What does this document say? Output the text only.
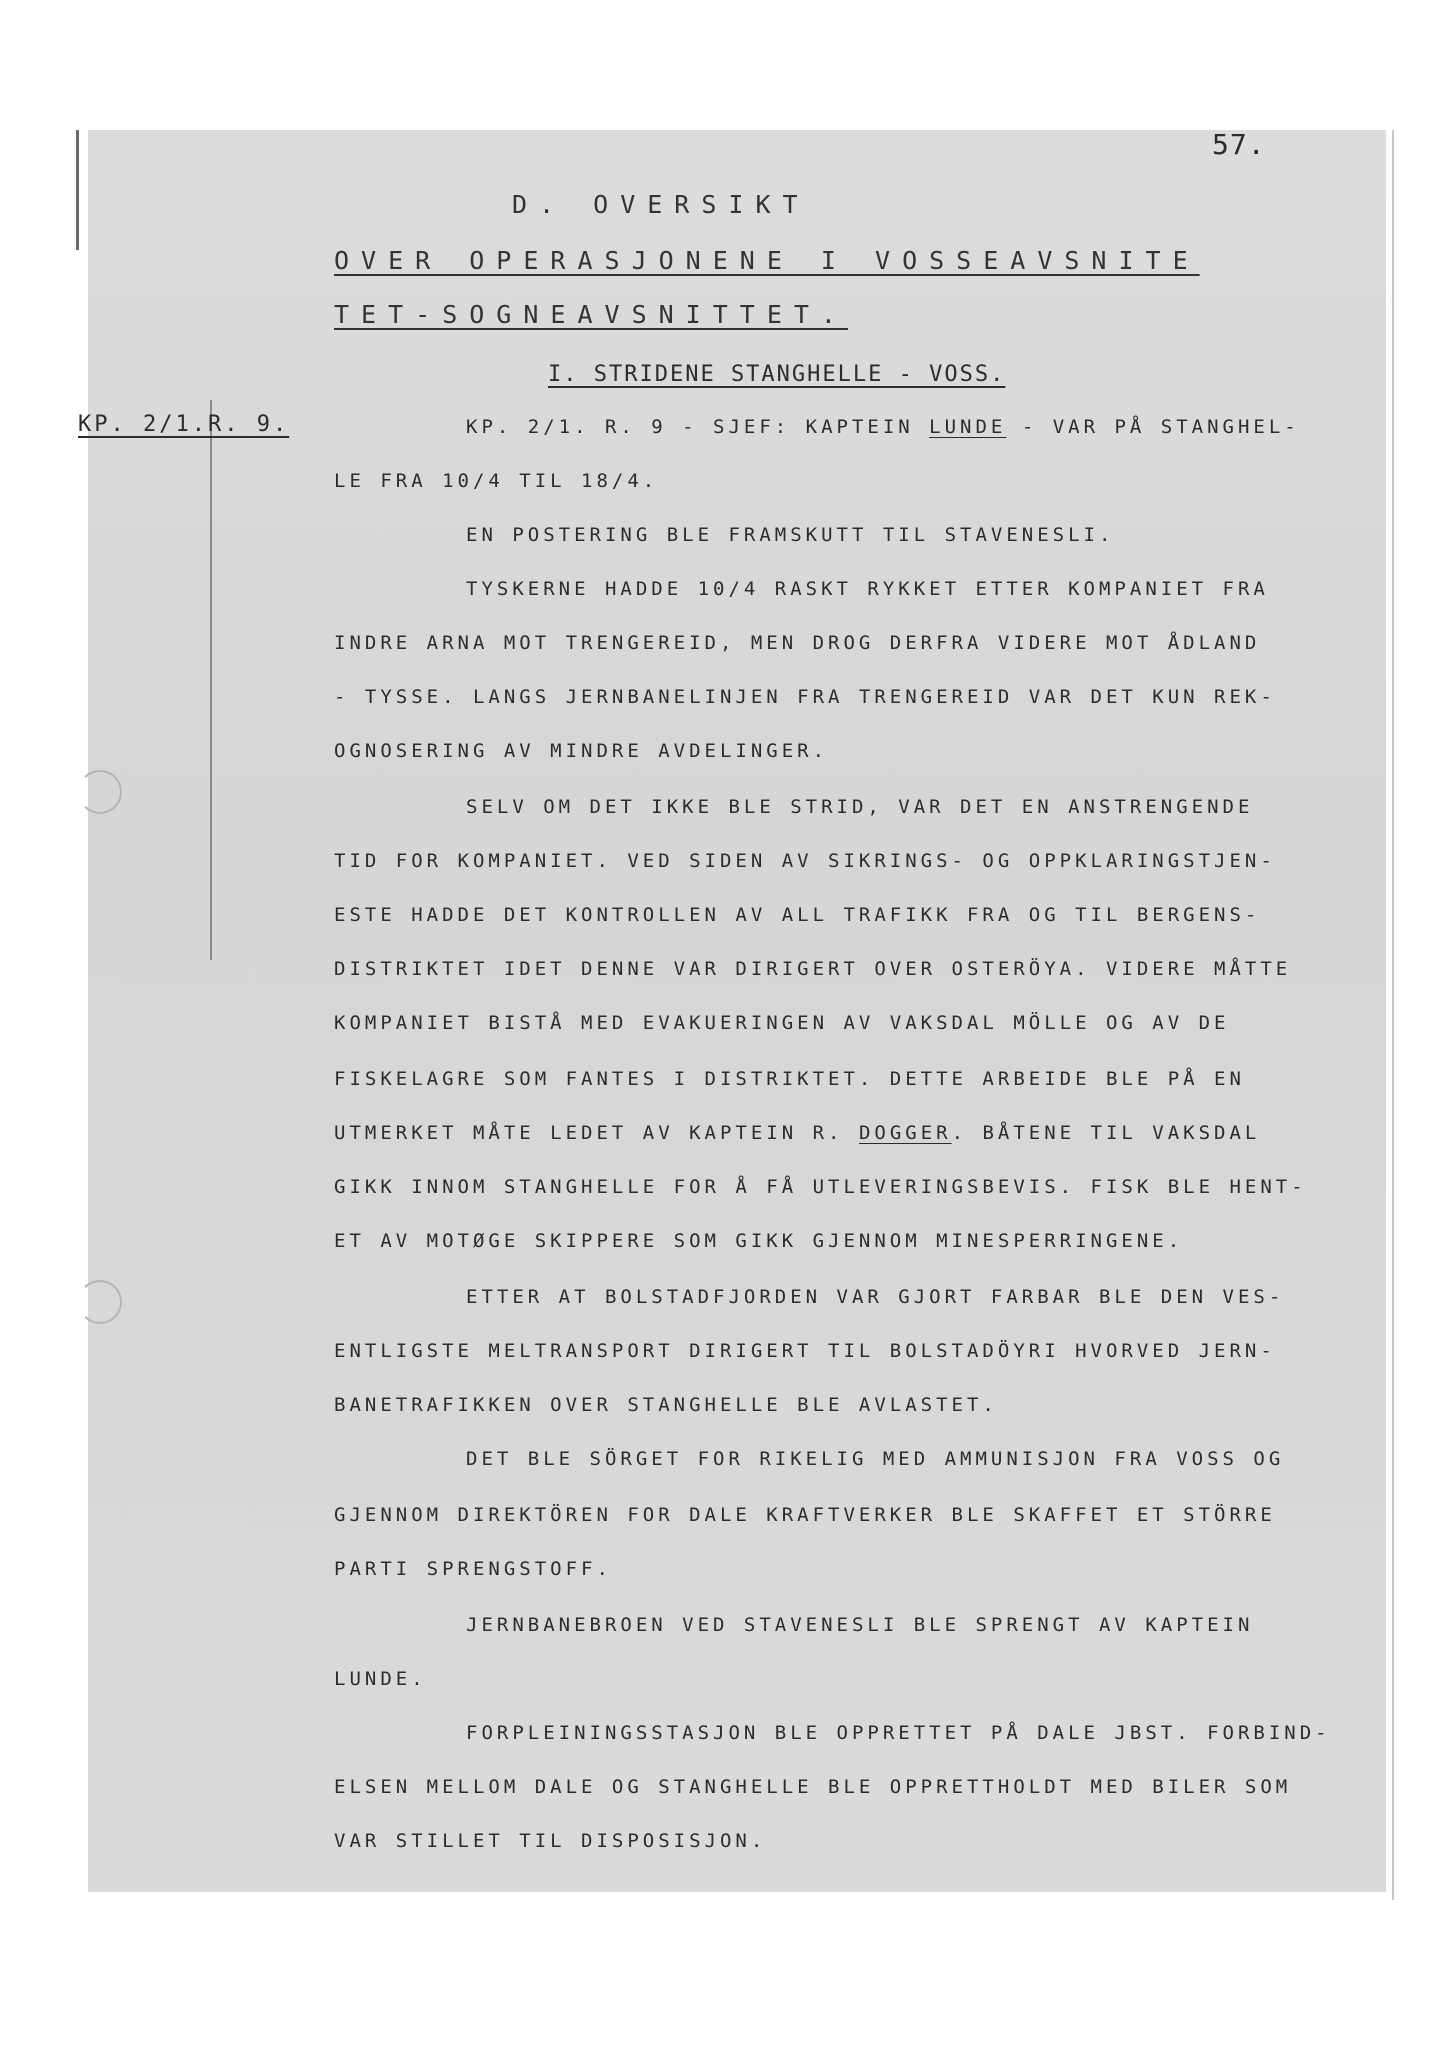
57.
D. OVERSIKT
OVER OPERASJONENE I VOSSEAVSNITE
TET-SOGNEAVSNITTET.
I. STRIDENE STANGHELLE - VOSS.
KP. 2/1.R. 9.	KP. 2/1. R. 9 - SJEF: KAPTEIN LUNDE - VAR PÅ STANGHEL-
LE FRA 10/4 TIL 18/4.
EN POSTERING BLE FRAMSKUTT TIL STAVENESLI.
TYSKERNE HADDE 10/4 RASKT RYKKET ETTER KOMPANIET FRA
INDRE ARNA MOT TRENGEREID, MEN DROG DERFRA VIDERE MOT ÅDLAND
- TYSSE. LANGS JERNBANELINJEN FRA TRENGEREID VAR DET KUN REK-
OGNOSERING AV MINDRE AVDELINGER.
SELV OM DET IKKE BLE STRID, VAR DET EN ANSTRENGENDE
TID FOR KOMPANIET. VED SIDEN AV SIKRINGS- OG OPPKLARINGSTJEN-
ESTE HADDE DET KONTROLLEN AV ALL TRAFIKK FRA OG TIL BERGENS-
DISTRIKTET IDET DENNE VAR DIRIGERT OVER OSTERÖYA. VIDERE MÅTTE
KOMPANIET BISTÅ MED EVAKUERINGEN AV VAKSDAL MÖLLE OG AV DE
FISKELAGRE SOM FANTES I DISTRIKTET. DETTE ARBEIDE BLE PÅ EN
UTMERKET MÅTE LEDET AV KAPTEIN R. DOGGER. BÅTENE TIL VAKSDAL
GIKK INNOM STANGHELLE FOR Å FÅ UTLEVERINGSBEVIS. FISK BLE HENT-
ET AV MOTØGE SKIPPERE SOM GIKK GJENNOM MINESPERRINGENE.
ETTER AT BOLSTADFJORDEN VAR GJORT FARBAR BLE DEN VES-
ENTLIGSTE MELTRANSPORT DIRIGERT TIL BOLSTADÖYRI HVORVED JERN-
BANETRAFIKKEN OVER STANGHELLE BLE AVLASTET.
DET BLE SÖRGET FOR RIKELIG MED AMMUNISJON FRA VOSS OG
GJENNOM DIREKTÖREN FOR DALE KRAFTVERKER BLE SKAFFET ET STÖRRE
PARTI SPRENGSTOFF.
JERNBANEBROEN VED STAVENESLI BLE SPRENGT AV KAPTEIN
LUNDE.
FORPLEININGSSTASJON BLE OPPRETTET PÅ DALE JBST. FORBIND-
ELSEN MELLOM DALE OG STANGHELLE BLE OPPRETTHOLDT MED BILER SOM
VAR STILLET TIL DISPOSISJON.
